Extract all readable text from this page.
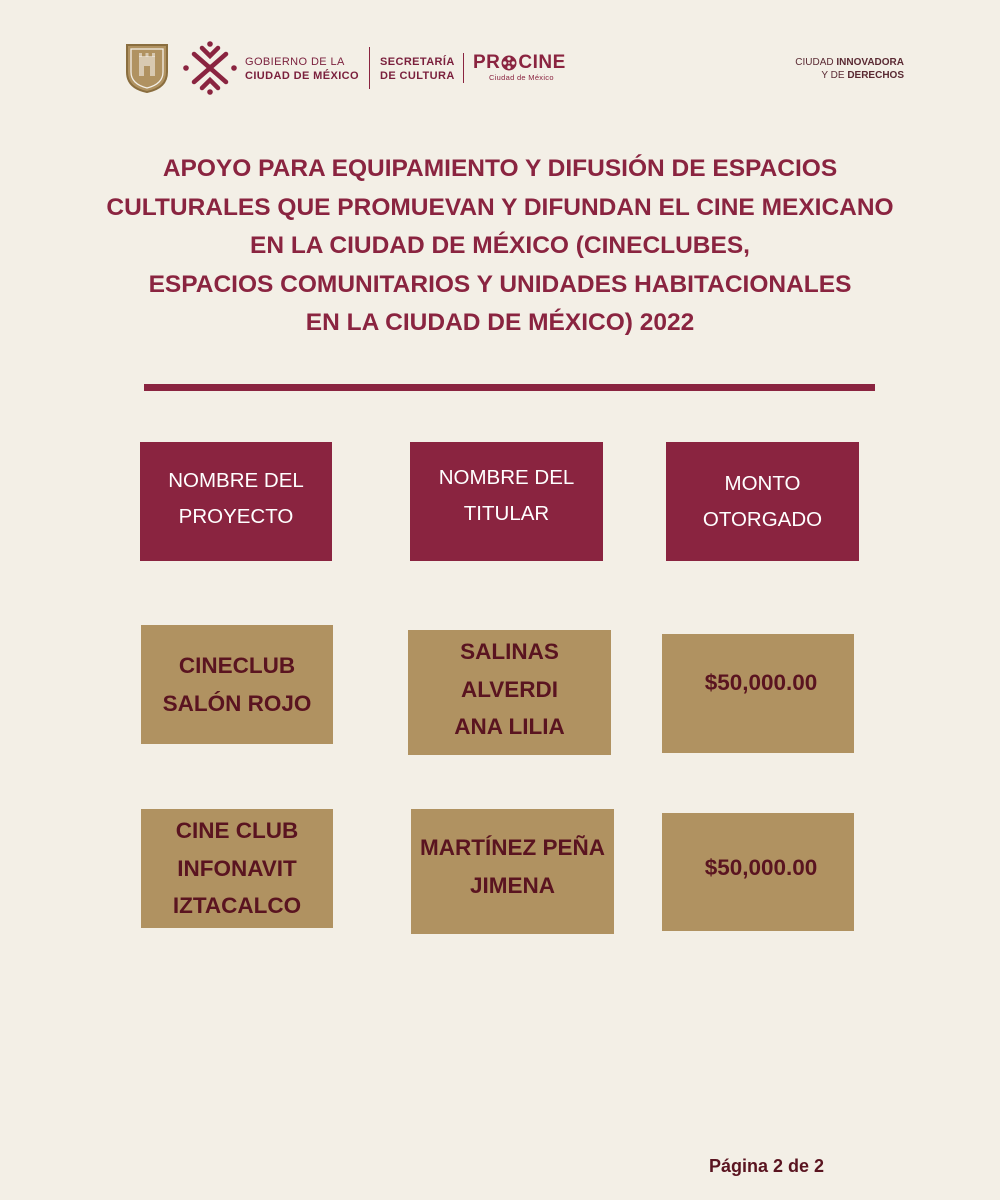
GOBIERNO DE LA
CIUDAD DE MÉXICO
SECRETARÍA
DE CULTURA
PR CINE
Ciudad de México
CIUDAD INNOVADORA
Y DE DERECHOS
APOYO PARA EQUIPAMIENTO Y DIFUSIÓN DE ESPACIOS
CULTURALES QUE PROMUEVAN Y DIFUNDAN EL CINE MEXICANO
EN LA CIUDAD DE MÉXICO (CINECLUBES,
ESPACIOS COMUNITARIOS Y UNIDADES HABITACIONALES
EN LA CIUDAD DE MÉXICO) 2022
NOMBRE DEL
PROYECTO
NOMBRE DEL
TITULAR
MONTO
OTORGADO
CINECLUB
SALÓN ROJO
SALINAS
ALVERDI
ANA LILIA
$50,000.00
CINE CLUB
INFONAVIT
IZTACALCO
MARTÍNEZ PEÑA
JIMENA
$50,000.00
Página 2 de 2
